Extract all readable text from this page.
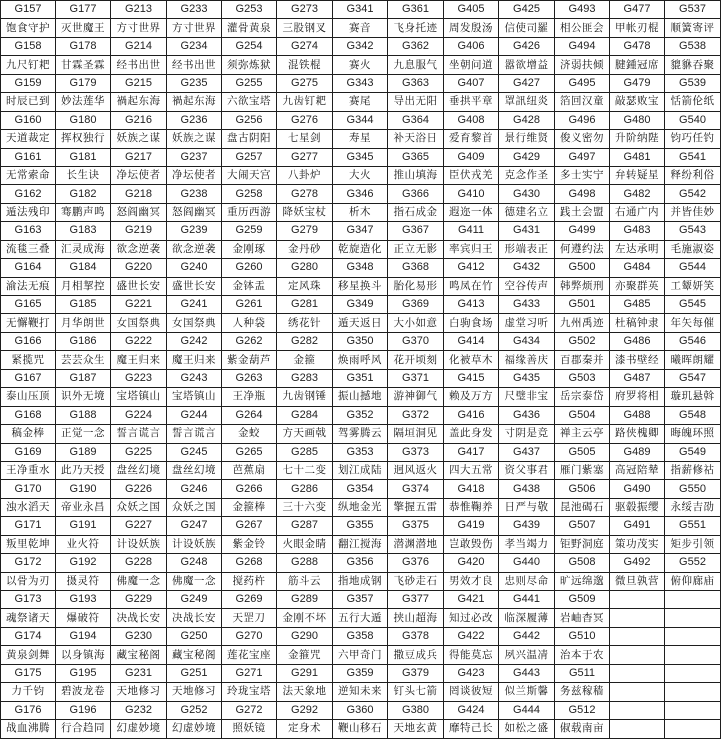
G157	G177	G213	G233	G253	G273	G341	G361	G405	G425	G493	G477	G537
饱食守护	灭世魔王	方寸世界	方寸世界	灌骨黄泉	三股钢叉	赛音	飞身托迹	周发殷汤	信使司羅	相公匪会	甲帐刃棍	顺簧寄评
G158	G178	G214	G234	G254	G274	G342	G362	G406	G426	G494	G478	G538
九尺钉耙	甘霖圣霖	经书出世	经书出世	须弥炼狱	混铁棍	赛火	九息服气	坐朝问道	嚣欲增益	济弱扶倾	腱鍾冠席	貔貅吞聚
G159	G179	G215	G235	G255	G275	G343	G363	G407	G427	G495	G479	G539
时辰已到	妙法莲华	禍起东海	禍起东海	六欲宝塔	九齿钉耙	赛尾	导出无阳	垂拱平章	罩訊纽炎	箔回汉童	敲瑟败宝	恬箭伦纸
G160	G180	G216	G236	G256	G276	G344	G364	G408	G428	G496	G480	G540
天道裁定	挥权独行	妖族之谋	妖族之谋	盘古阴阳	七星剑	寿星	补天浴日	爱育黎首	景行维贤	俊义密勿	升阶纳陛	钧巧任钓
G161	G181	G217	G237	G257	G277	G345	G365	G409	G429	G497	G481	G541
无常索命	长生诀	净坛使者	净坛使者	大闹天宫	八卦炉	大火	推山填海	臣伏戎羌	克念作圣	多士实宁	弁转疑星	释纷利俗
G162	G182	G218	G238	G258	G278	G346	G366	G410	G430	G498	G482	G542
遁法残印	骞鹏声鸣	怒阎幽冥	怒阎幽冥	重历西游	降妖宝杖	析木	指石成金	遐迩一体	德建名立	践土会盟	右通广内	并皆佳妙
G163	G183	G219	G239	G259	G279	G347	G367	G411	G431	G499	G483	G543
流毯三叠	汇灵成海	欲念逆袭	欲念逆袭	金刚琢	金丹砂	乾旋造化	正立无影	率宾归王	形端表正	何遵约法	左达承明	毛施淑姿
G164	G184	G220	G240	G260	G280	G348	G368	G412	G432	G500	G484	G544
渝法无痕	月相挈控	盛世长安	盛世长安	金钵盂	定风珠	移星换斗	胎化易形	鸣凤在竹	空谷传声	韩弊烦刑	亦聚群英	工颦妍笑
G165	G185	G221	G241	G261	G281	G349	G369	G413	G433	G501	G485	G545
无懈鞭打	月华朗世	女国祭典	女国祭典	人种袋	绣花针	遁天返日	大小如意	白驹食场	虚堂习听	九州禹迹	杜稿钟隶	年矢每催
G166	G186	G222	G242	G262	G282	G350	G370	G414	G434	G502	G486	G546
紧揽咒	芸芸众生	魔王归来	魔王归来	紫金葫芦	金箍	焕雨呼风	花开顷刻	化被草木	福缘善庆	百郡秦并	漆书壁经	曦晖朗耀
G167	G187	G223	G243	G263	G283	G351	G371	G415	G435	G503	G487	G547
泰山压顶	识外无境	宝塔镇山	宝塔镇山	王净瓶	九齿钢锤	振山撼地	游神御气	赖及万方	尺璧非宝	岳宗泰岱	府罗将相	璇玑悬斡
G168	G188	G224	G244	G264	G284	G352	G372	G416	G436	G504	G488	G548
稿金棒	正觉一念	誓言谎言	誓言谎言	金蛟	方天画戟	驾雾腾云	隔垣洞见	盖此身发	寸阴是竞	禅主云亭	路侠槐卿	晦魄环照
G169	G189	G225	G245	G265	G285	G353	G373	G417	G437	G505	G489	G549
王净重水	此乃天授	盘丝幻境	盘丝幻境	芭蕉扇	七十二变	划江成陆	迥风返火	四大五常	资父事君	雁门紫塞	高冠陪辇	指薪修祜
G170	G190	G226	G246	G266	G286	G354	G374	G418	G438	G506	G490	G550
浊水滔天	帝业永昌	众妖之国	众妖之国	金箍棒	三十六变	纵地金光	擎握五雷	恭惟鞠养	日严与敬	昆池碣石	驱毂振缨	永绥吉劭
G171	G191	G227	G247	G267	G287	G355	G375	G419	G439	G507	G491	G551
叛里乾坤	业火符	计设妖族	计设妖族	紫金铃	火眼金睛	翻江搅海	潜渊潜地	岂敢毁伤	孝当竭力	钜野洞庭	策功茂实	矩步引领
G172	G192	G228	G248	G268	G288	G356	G376	G420	G440	G508	G492	G552
以骨为刃	摄灵符	佛魔一念	佛魔一念	搅药杵	筋斗云	指地成钢	飞砂走石	男效才良	忠则尽命	旷远绵邈	微旦孰营	俯仰廊庙
G173	G193	G229	G249	G269	G289	G357	G377	G421	G441	G509		
魂祭诸天	爆破符	决战长安	决战长安	天罡刀	金刚不坏	五行大遁	挟山超海	知过必改	临深履薄	岩岫杳冥		
G174	G194	G230	G250	G270	G290	G358	G378	G422	G442	G510		
黄泉剑舞	以身镇海	藏宝秘阁	藏宝秘阁	莲花宝座	金箍咒	六甲奇门	撒豆成兵	得能莫忘	夙兴温凊	治本于农		
G175	G195	G231	G251	G271	G291	G359	G379	G423	G443	G511		
力千钧	碧波龙卷	天地修习	天地修习	玲珑宝塔	法天象地	逆知未来	钉头七箭	罔谈彼短	似兰斯馨	务兹稼穑		
G176	G196	G232	G252	G272	G292	G360	G380	G424	G444	G512		
战血沸腾	行合趋同	幻虚妙境	幻虚妙境	照妖镜	定身术	鞭山移石	天地玄黄	靡特己长	如松之盛	俶载南亩		
